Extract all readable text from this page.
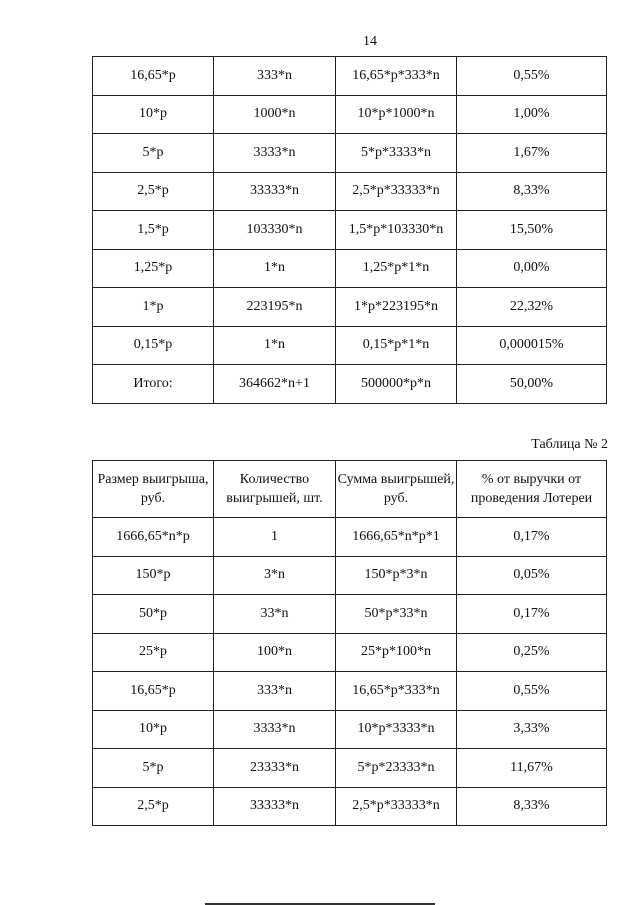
14
16,65*p	333*n	16,65*p*333*n	0,55%
10*p	1000*n	10*p*1000*n	1,00%
5*p	3333*n	5*p*3333*n	1,67%
2,5*p	33333*n	2,5*p*33333*n	8,33%
1,5*p	103330*n	1,5*p*103330*n	15,50%
1,25*p	1*n	1,25*p*1*n	0,00%
1*p	223195*n	1*p*223195*n	22,32%
0,15*p	1*n	0,15*p*1*n	0,000015%
Итого:	364662*n+1	500000*p*n	50,00%
Таблица № 2
Размер выигрыша, руб.	Количество выигрышей, шт.	Сумма выигрышей, руб.	% от выручки от проведения Лотереи
1666,65*n*p	1	1666,65*n*p*1	0,17%
150*p	3*n	150*p*3*n	0,05%
50*p	33*n	50*p*33*n	0,17%
25*p	100*n	25*p*100*n	0,25%
16,65*p	333*n	16,65*p*333*n	0,55%
10*p	3333*n	10*p*3333*n	3,33%
5*p	23333*n	5*p*23333*n	11,67%
2,5*p	33333*n	2,5*p*33333*n	8,33%
